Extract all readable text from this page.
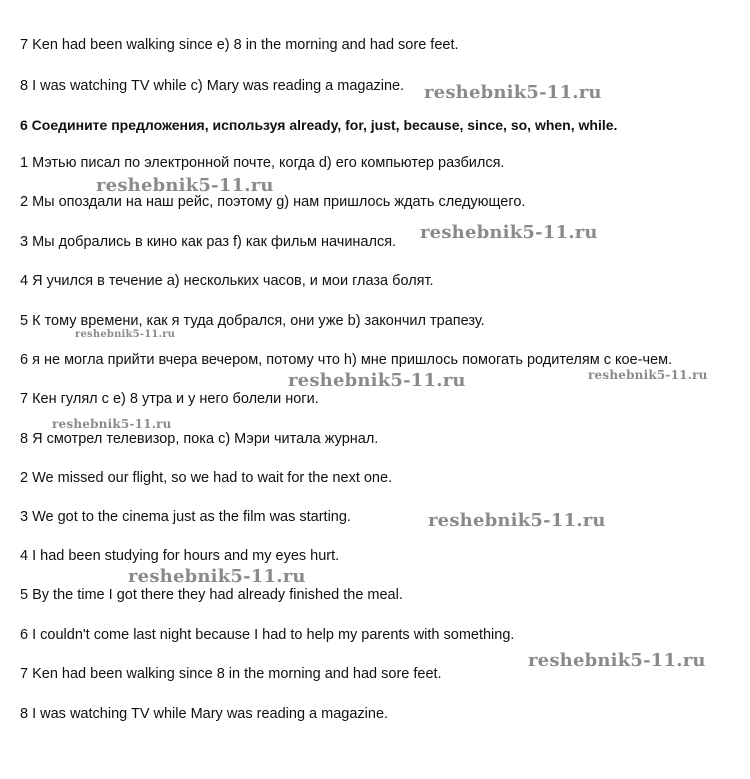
7 Ken had been walking since e) 8 in the morning and had sore feet.
8 I was watching TV while c) Mary was reading a magazine.
6 Соедините предложения, используя already, for, just, because, since, so, when, while.
1 Мэтью писал по электронной почте, когда d) его компьютер разбился.
2 Мы опоздали на наш рейс, поэтому g) нам пришлось ждать следующего.
3 Мы добрались в кино как раз f) как фильм начинался.
4 Я учился в течение a) нескольких часов, и мои глаза болят.
5 К тому времени, как я туда добрался, они уже b) закончил трапезу.
6 я не могла прийти вчера вечером, потому что h) мне пришлось помогать родителям с кое-чем.
7 Кен гулял с e) 8 утра и у него болели ноги.
8 Я смотрел телевизор, пока c) Мэри читала журнал.
2 We missed our flight, so we had to wait for the next one.
3 We got to the cinema just as the film was starting.
4 I had been studying for hours and my eyes hurt.
5 By the time I got there they had already finished the meal.
6 I couldn't come last night because I had to help my parents with something.
7 Ken had been walking since 8 in the morning and had sore feet.
8 I was watching TV while Mary was reading a magazine.
reshebnik5-11.ru
reshebnik5-11.ru
reshebnik5-11.ru
reshebnik5-11.ru
reshebnik5-11.ru	reshebnik5-11.ru
reshebnik5-11.ru
reshebnik5-11.ru
reshebnik5-11.ru
reshebnik5-11.ru
